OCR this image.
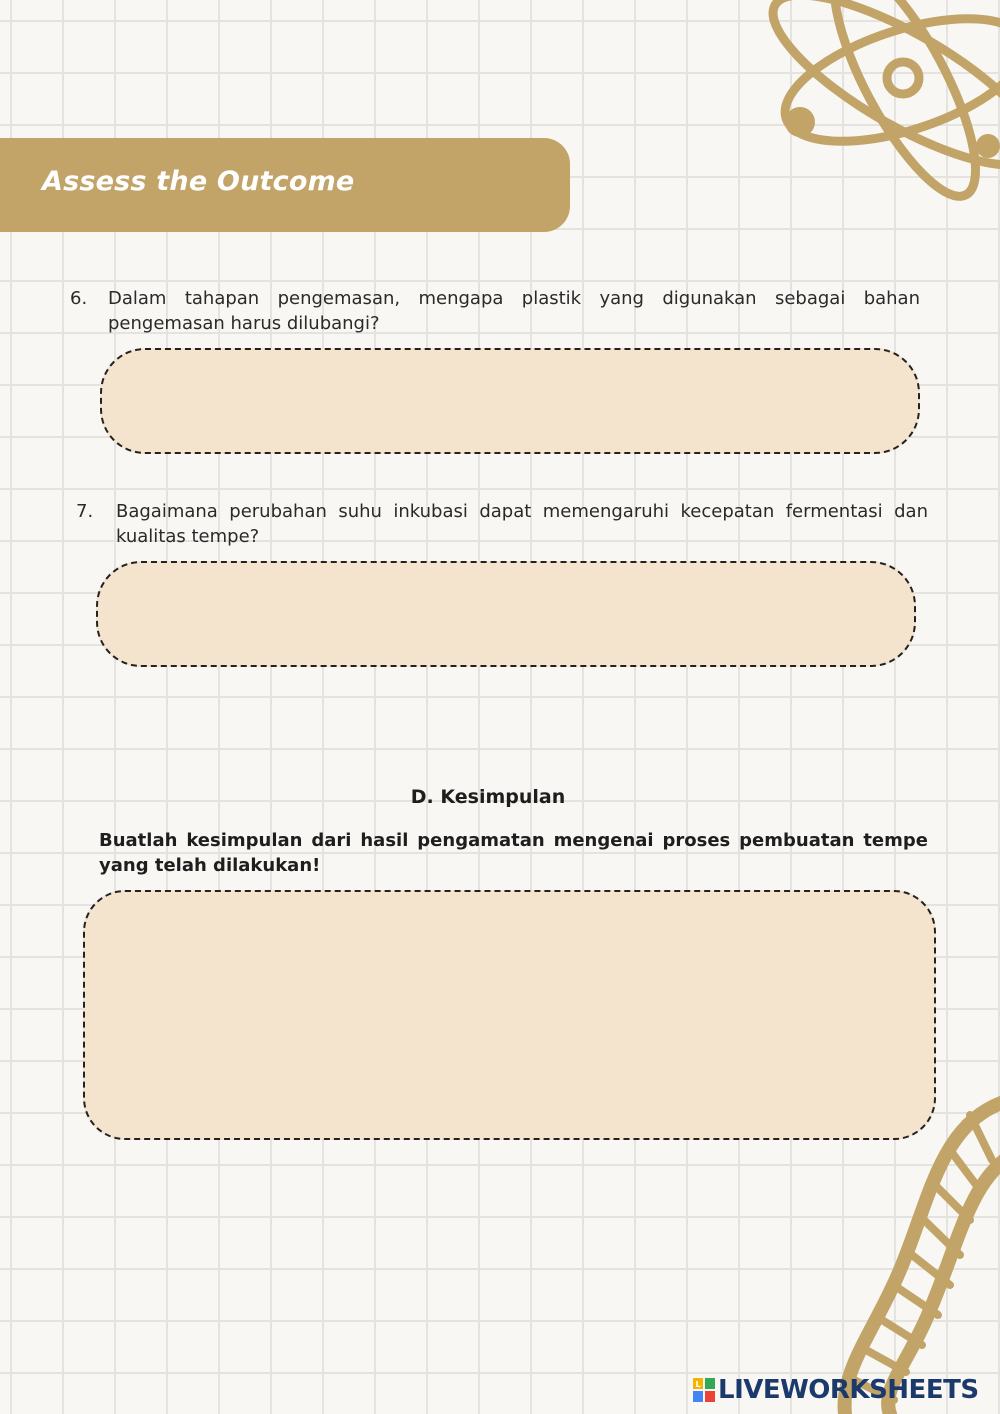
Assess the Outcome
6. Dalam tahapan pengemasan, mengapa plastik yang digunakan sebagai bahan pengemasan harus dilubangi?
7. Bagaimana perubahan suhu inkubasi dapat memengaruhi kecepatan fermentasi dan kualitas tempe?
D. Kesimpulan
Buatlah kesimpulan dari hasil pengamatan mengenai proses pembuatan tempe yang telah dilakukan!
L LIVEWORKSHEETS
